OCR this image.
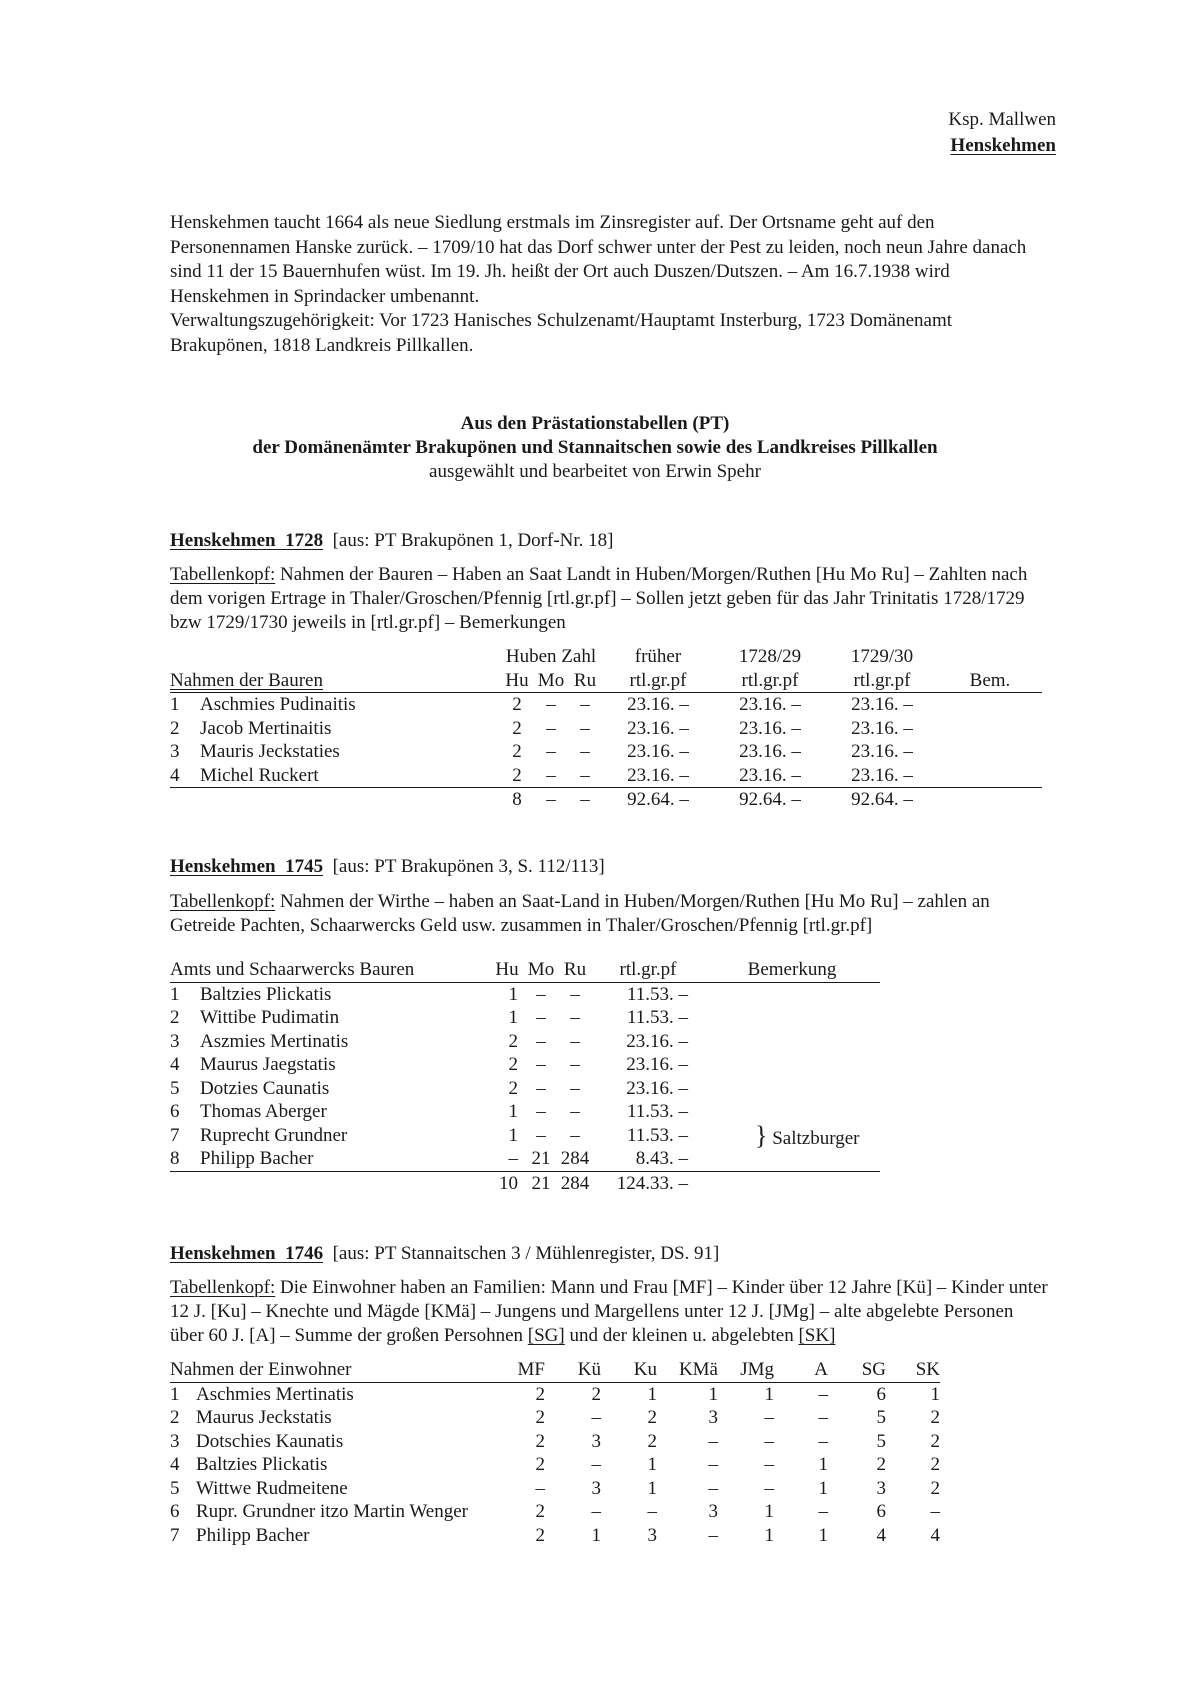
Ksp. Mallwen
Henskehmen

Henskehmen taucht 1664 als neue Siedlung erstmals im Zinsregister auf. Der Ortsname geht auf den Personennamen Hanske zurück. – 1709/10 hat das Dorf schwer unter der Pest zu leiden, noch neun Jahre danach sind 11 der 15 Bauernhufen wüst. Im 19. Jh. heißt der Ort auch Duszen/Dutszen. – Am 16.7.1938 wird Henskehmen in Sprindacker umbenannt.

Verwaltungszugehörigkeit: Vor 1723 Hanisches Schulzenamt/Hauptamt Insterburg, 1723 Domänenamt Brakupönen, 1818 Landkreis Pillkallen.

Aus den Prästationstabellen (PT)
der Domänenämter Brakupönen und Stannaitschen sowie des Landkreises Pillkallen
ausgewählt und bearbeitet von Erwin Spehr
Henskehmen  1728 [aus: PT Brakupönen 1, Dorf-Nr. 18]
Tabellenkopf: Nahmen der Bauren – Haben an Saat Landt in Huben/Morgen/Ruthen [Hu Mo Ru] – Zahlten nach dem vorigen Ertrage in Thaler/Groschen/Pfennig [rtl.gr.pf] – Sollen jetzt geben für das Jahr Trinitatis 1728/1729 bzw 1729/1730 jeweils in [rtl.gr.pf] – Bemerkungen
		Huben Zahl			früher	1728/29	1729/30	
Nahmen der Bauren		Hu	Mo	Ru	rtl.gr.pf	rtl.gr.pf	rtl.gr.pf	Bem.
1	Aschmies Pudinaitis	2	–	–	23.16. –	23.16. –	23.16. –	
2	Jacob Mertinaitis	2	–	–	23.16. –	23.16. –	23.16. –	
3	Mauris Jeckstaties	2	–	–	23.16. –	23.16. –	23.16. –	
4	Michel Ruckert	2	–	–	23.16. –	23.16. –	23.16. –	
		8	–	–	92.64. –	92.64. –	92.64. –	
Henskehmen  1745 [aus: PT Brakupönen 3, S. 112/113]
Tabellenkopf: Nahmen der Wirthe – haben an Saat-Land in Huben/Morgen/Ruthen [Hu Mo Ru] – zahlen an Getreide Pachten, Schaarwercks Geld usw. zusammen in Thaler/Groschen/Pfennig [rtl.gr.pf]
Amts und Schaarwercks Bauren		Hu	Mo	Ru	rtl.gr.pf	Bemerkung
1	Baltzies Plickatis	1	–	–	11.53. –	
2	Wittibe Pudimatin	1	–	–	11.53. –	
3	Aszmies Mertinatis	2	–	–	23.16. –	
4	Maurus Jaegstatis	2	–	–	23.16. –	
5	Dotzies Caunatis	2	–	–	23.16. –	
6	Thomas Aberger	1	–	–	11.53. –	
7	Ruprecht Grundner	1	–	–	11.53. –	
8	Philipp Bacher	–	21	284	8.43. –	
		10	21	284	124.33. –	
} Saltzburger
Henskehmen  1746 [aus: PT Stannaitschen 3 / Mühlenregister, DS. 91]
Tabellenkopf: Die Einwohner haben an Familien: Mann und Frau [MF] – Kinder über 12 Jahre [Kü] – Kinder unter 12 J. [Ku] – Knechte und Mägde [KMä] – Jungens und Margellens unter 12 J. [JMg] – alte abgelebte Personen über 60 J. [A] – Summe der großen Persohnen [SG] und der kleinen u. abgelebten [SK]
Nahmen der Einwohner		MF	Kü	Ku	KMä	JMg	A	SG	SK
1	Aschmies Mertinatis	2	2	1	1	1	–	6	1
2	Maurus Jeckstatis	2	–	2	3	–	–	5	2
3	Dotschies Kaunatis	2	3	2	–	–	–	5	2
4	Baltzies Plickatis	2	–	1	–	–	1	2	2
5	Wittwe Rudmeitene	–	3	1	–	–	1	3	2
6	Rupr. Grundner itzo Martin Wenger	2	–	–	3	1	–	6	–
7	Philipp Bacher	2	1	3	–	1	1	4	4
